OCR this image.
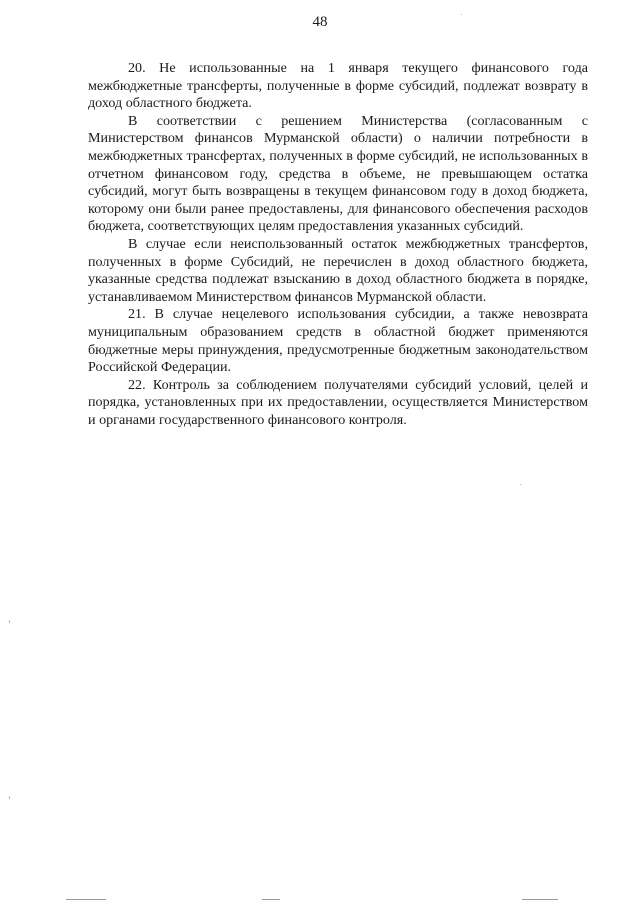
48

20. Не использованные на 1 января текущего финансового года межбюджетные трансферты, полученные в форме субсидий, подлежат возврату в доход областного бюджета.

В соответствии с решением Министерства (согласованным с Министерством финансов Мурманской области) о наличии потребности в межбюджетных трансфертах, полученных в форме субсидий, не использованных в отчетном финансовом году, средства в объеме, не превышающем остатка субсидий, могут быть возвращены в текущем финансовом году в доход бюджета, которому они были ранее предоставлены, для финансового обеспечения расходов бюджета, соответствующих целям предоставления указанных субсидий.

В случае если неиспользованный остаток межбюджетных трансфертов, полученных в форме Субсидий, не перечислен в доход областного бюджета, указанные средства подлежат взысканию в доход областного бюджета в порядке, устанавливаемом Министерством финансов Мурманской области.

21. В случае нецелевого использования субсидии, а также невозврата муниципальным образованием средств в областной бюджет применяются бюджетные меры принуждения, предусмотренные бюджетным законодательством Российской Федерации.

22. Контроль за соблюдением получателями субсидий условий, целей и порядка, установленных при их предоставлении, осуществляется Министерством и органами государственного финансового контроля.
